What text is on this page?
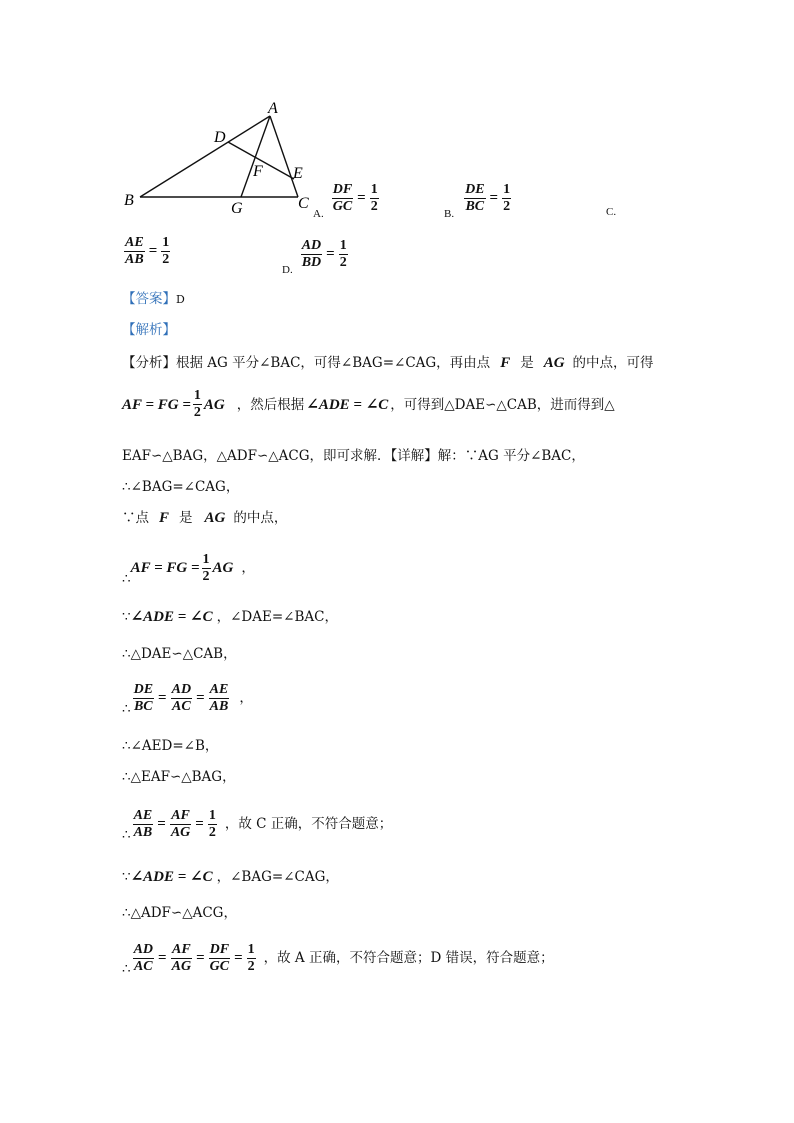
A
B	C
D
E
F
G	A. $\frac{DF}{GC} = \frac{1}{2}$	B. $\frac{DE}{BC} = \frac{1}{2}$	C.
$\frac{AE}{AB} = \frac{1}{2}$
D. $\frac{AD}{BD} = \frac{1}{2}$
【答案】D
【解析】
【分析】根据 AG 平分∠BAC，可得∠BAG=∠CAG，再由点 F 是 AG 的中点，可得
AF = FG = $\frac{1}{2}$ AG ，然后根据 ∠ADE = ∠C ，可得到△DAE∽△CAB，进而得到△
EAF∽△BAG，△ADF∽△ACG，即可求解．【详解】解：∵AG 平分∠BAC，
∴∠BAG=∠CAG，
∵点 F 是 AG 的中点，
∴
AF = FG = $\frac{1}{2}$ AG ，
∵ ∠ADE = ∠C ，∠DAE=∠BAC，
∴△DAE∽△CAB，
∴ $\frac{DE}{BC} = \frac{AD}{AC} = \frac{AE}{AB}$ ，
∴∠AED=∠B，
∴△EAF∽△BAG，
∴ $\frac{AE}{AB} = \frac{AF}{AG} = \frac{1}{2}$ ，故 C 正确，不符合题意；
∵ ∠ADE = ∠C ，∠BAG=∠CAG，
∴△ADF∽△ACG，
∴ $\frac{AD}{AC} = \frac{AF}{AG} = \frac{DF}{GC} = \frac{1}{2}$ ，故 A 正确，不符合题意；D 错误，符合题意；
